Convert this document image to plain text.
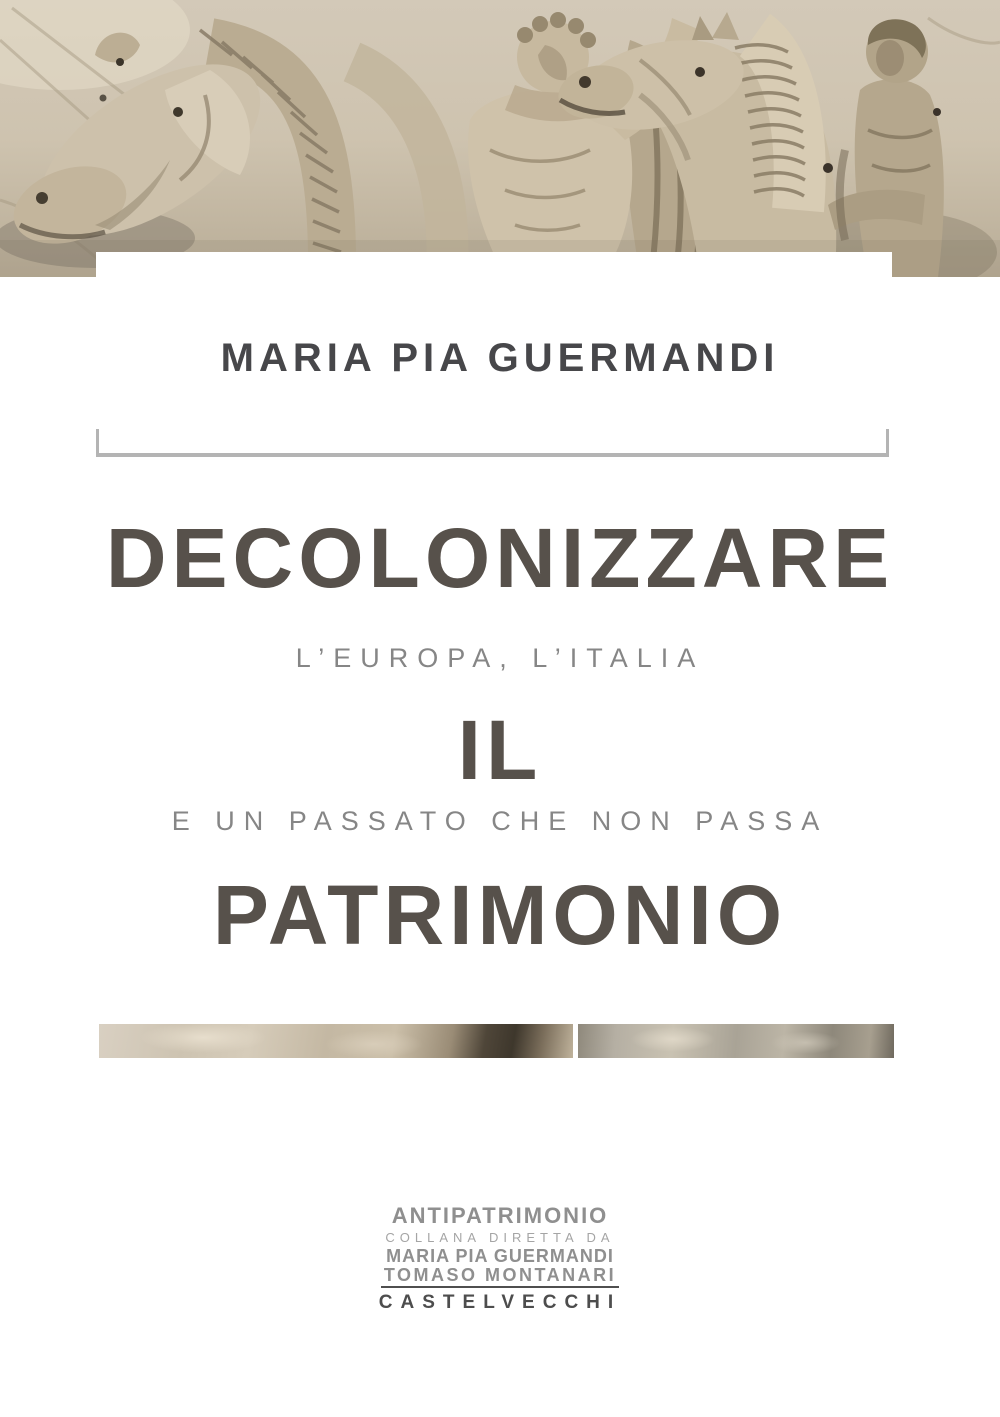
MARIA PIA GUERMANDI
DECOLONIZZARE
L’EUROPA, L’ITALIA
IL
E UN PASSATO CHE NON PASSA
PATRIMONIO
ANTIPATRIMONIO
COLLANA DIRETTA DA
MARIA PIA GUERMANDI
TOMASO MONTANARI
CASTELVECCHI
